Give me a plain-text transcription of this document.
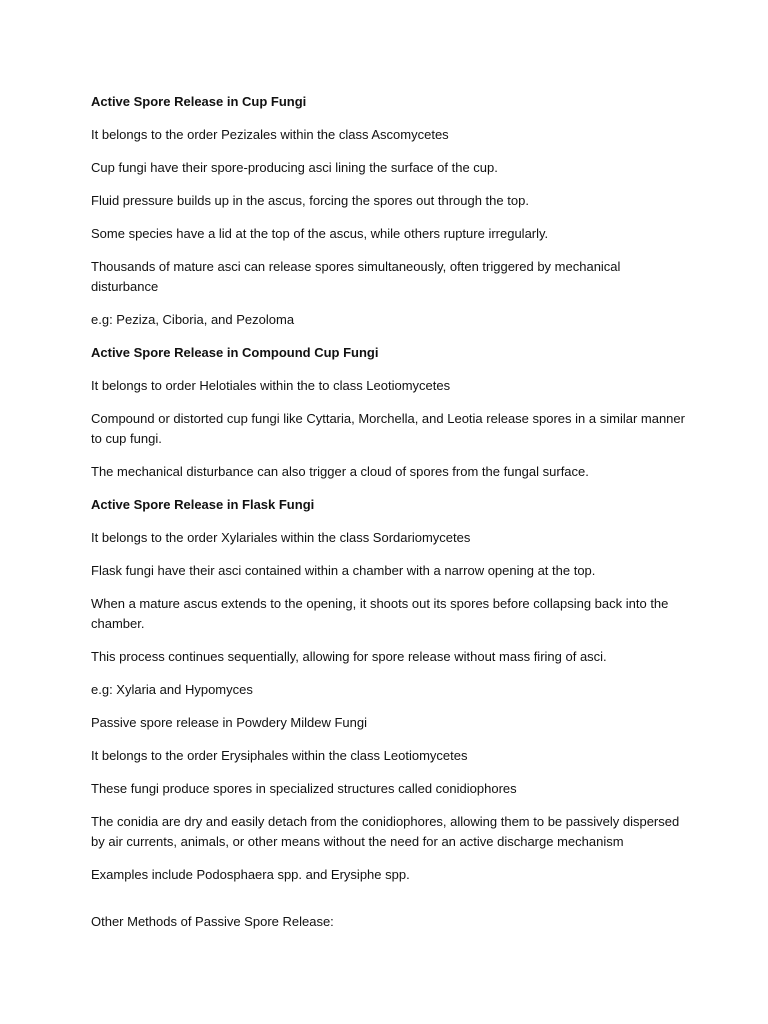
Active Spore Release in Cup Fungi

It belongs to the order Pezizales within the class Ascomycetes

Cup fungi have their spore-producing asci lining the surface of the cup.

Fluid pressure builds up in the ascus, forcing the spores out through the top.

Some species have a lid at the top of the ascus, while others rupture irregularly.

Thousands of mature asci can release spores simultaneously, often triggered by mechanical disturbance

e.g: Peziza, Ciboria, and Pezoloma

Active Spore Release in Compound Cup Fungi

It belongs to order Helotiales within the to class Leotiomycetes

Compound or distorted cup fungi like Cyttaria, Morchella, and Leotia release spores in a similar manner to cup fungi.

The mechanical disturbance can also trigger a cloud of spores from the fungal surface.

Active Spore Release in Flask Fungi

It belongs to the order Xylariales within the class Sordariomycetes

Flask fungi have their asci contained within a chamber with a narrow opening at the top.

When a mature ascus extends to the opening, it shoots out its spores before collapsing back into the chamber.

This process continues sequentially, allowing for spore release without mass firing of asci.

e.g: Xylaria and Hypomyces

Passive spore release in Powdery Mildew Fungi

It belongs to the order Erysiphales within the class Leotiomycetes

These fungi produce spores in specialized structures called conidiophores

The conidia are dry and easily detach from the conidiophores, allowing them to be passively dispersed by air currents, animals, or other means without the need for an active discharge mechanism

Examples include Podosphaera spp. and Erysiphe spp.

Other Methods of Passive Spore Release:
